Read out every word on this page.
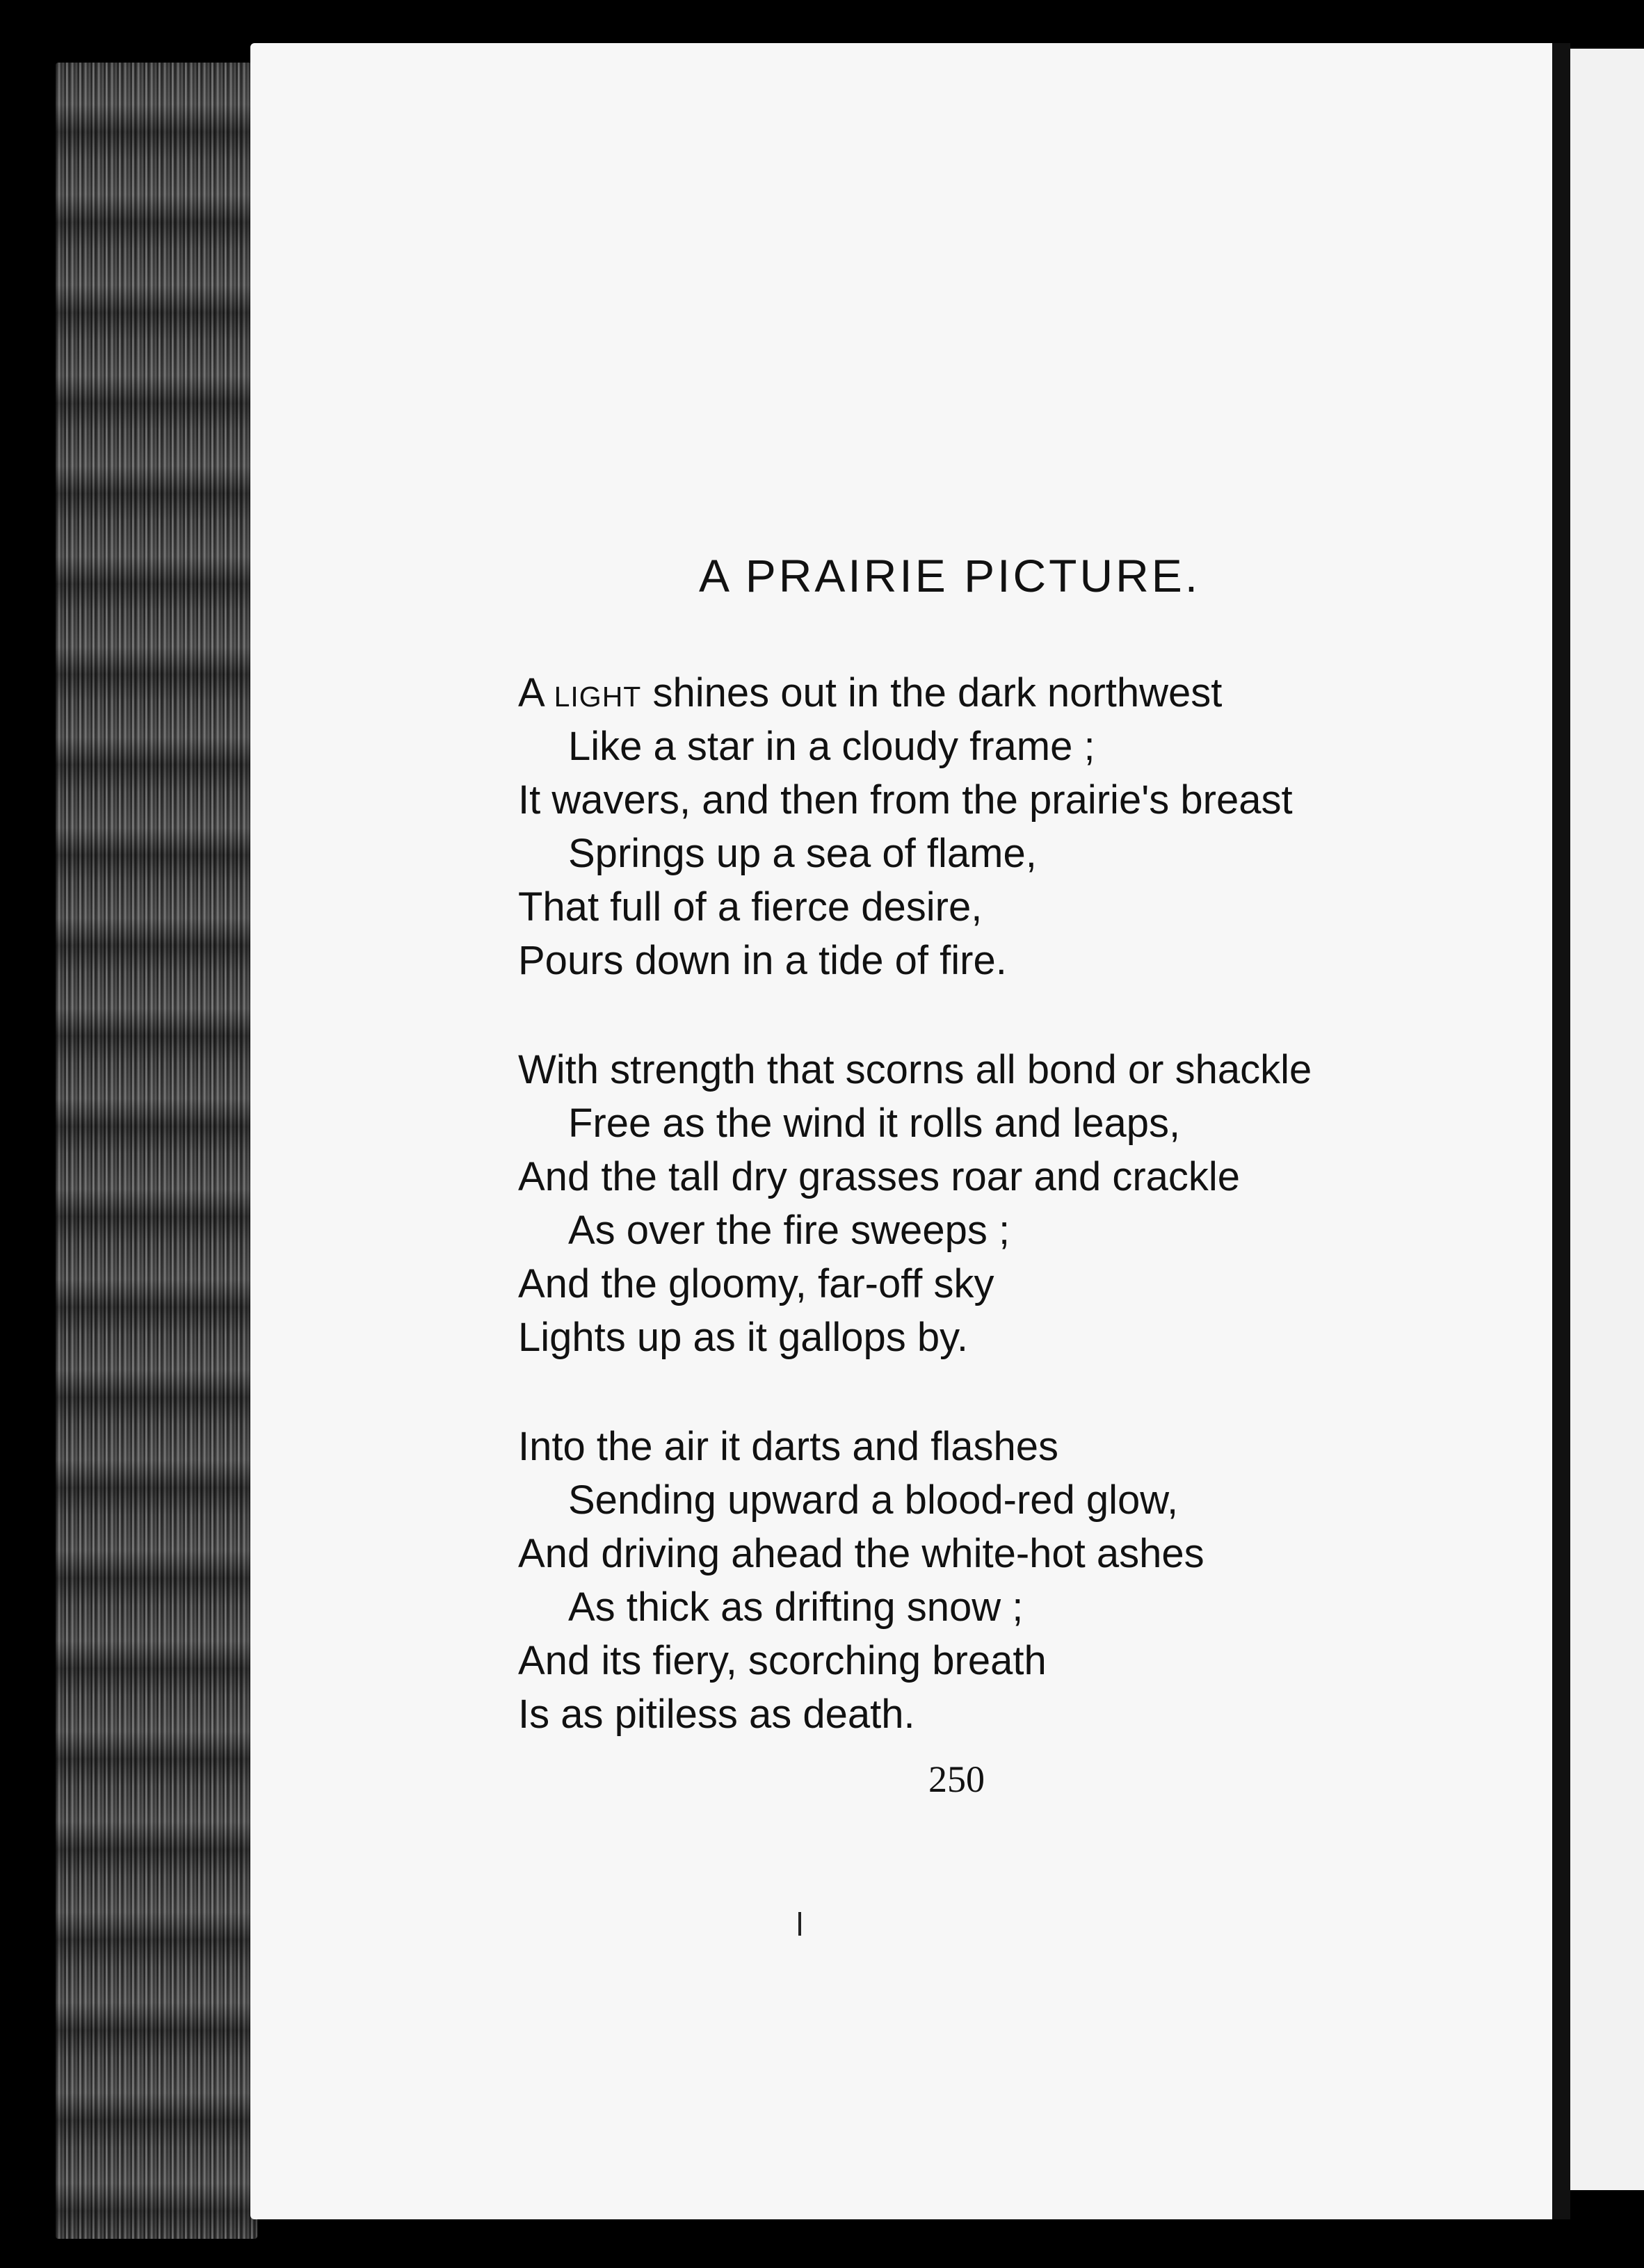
A PRAIRIE PICTURE.
A light shines out in the dark northwest
Like a star in a cloudy frame ;
It wavers, and then from the prairie's breast
Springs up a sea of flame,
That full of a fierce desire,
Pours down in a tide of fire.
With strength that scorns all bond or shackle
Free as the wind it rolls and leaps,
And the tall dry grasses roar and crackle
As over the fire sweeps ;
And the gloomy, far-off sky
Lights up as it gallops by.
Into the air it darts and flashes
Sending upward a blood-red glow,
And driving ahead the white-hot ashes
As thick as drifting snow ;
And its fiery, scorching breath
Is as pitiless as death.
250
